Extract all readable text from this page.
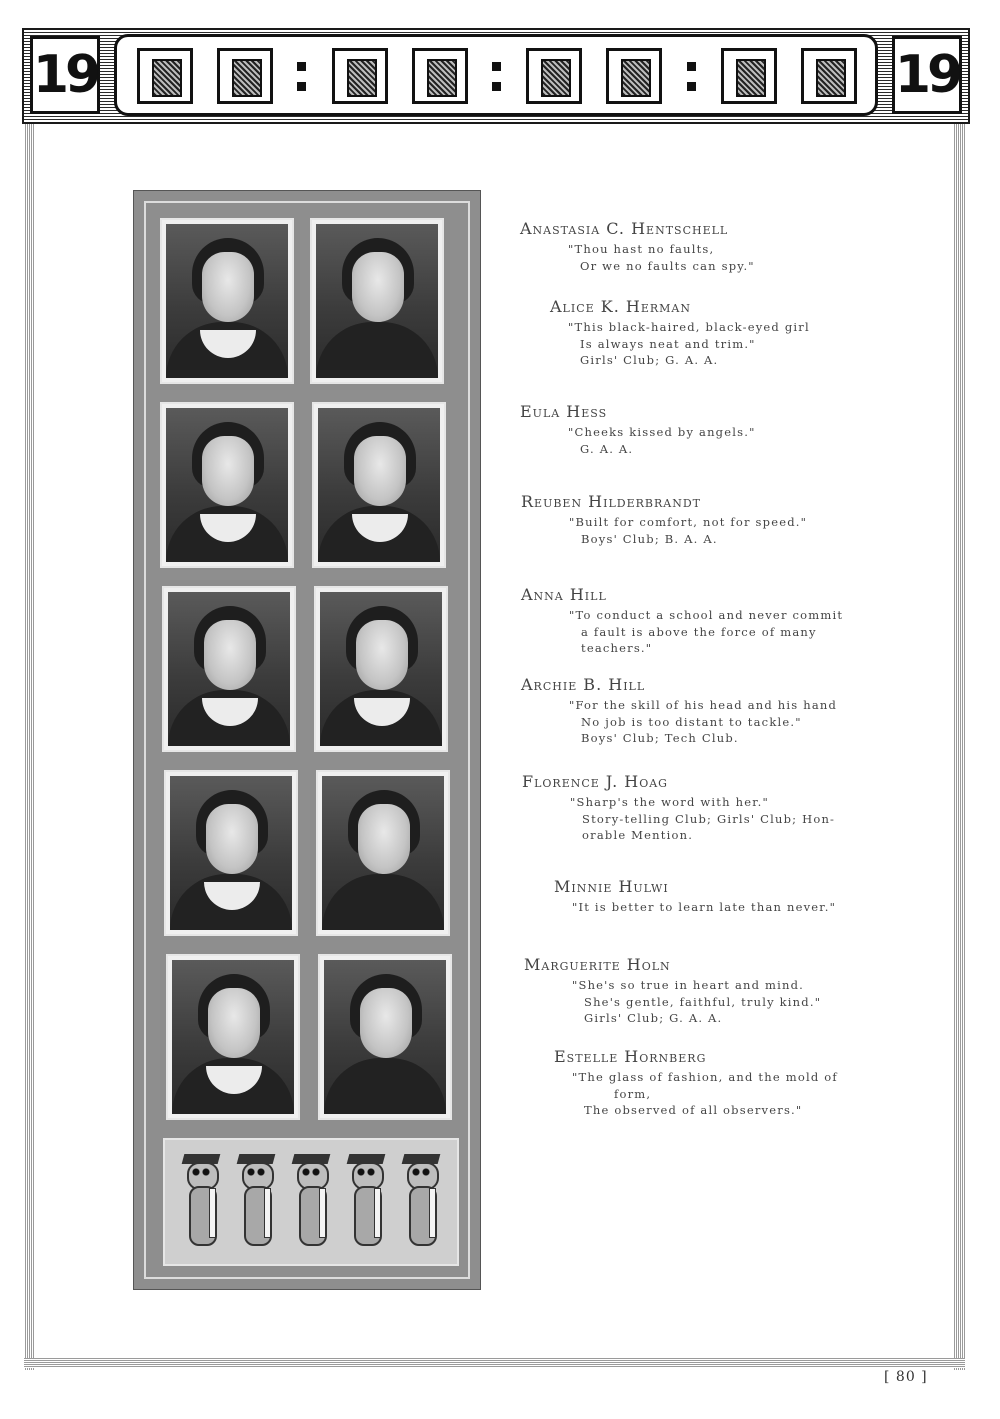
19	19

Anastasia C. Hentschell

"Thou hast no faults,
Or we no faults can spy."

Alice K. Herman

"This black-haired, black-eyed girl
Is always neat and trim."
Girls' Club; G. A. A.

Eula Hess

"Cheeks kissed by angels."
G. A. A.

Reuben Hilderbrandt

"Built for comfort, not for speed."
Boys' Club; B. A. A.

Anna Hill

"To conduct a school and never commit
a fault is above the force of many
teachers."

Archie B. Hill

"For the skill of his head and his hand
No job is too distant to tackle."
Boys' Club; Tech Club.

Florence J. Hoag

"Sharp's the word with her."
Story-telling Club; Girls' Club; Hon-
orable Mention.

Minnie Hulwi

"It is better to learn late than never."

Marguerite Holn

"She's so true in heart and mind.
She's gentle, faithful, truly kind."
Girls' Club; G. A. A.

Estelle Hornberg

"The glass of fashion, and the mold of
form,
The observed of all observers."
[ 80 ]
